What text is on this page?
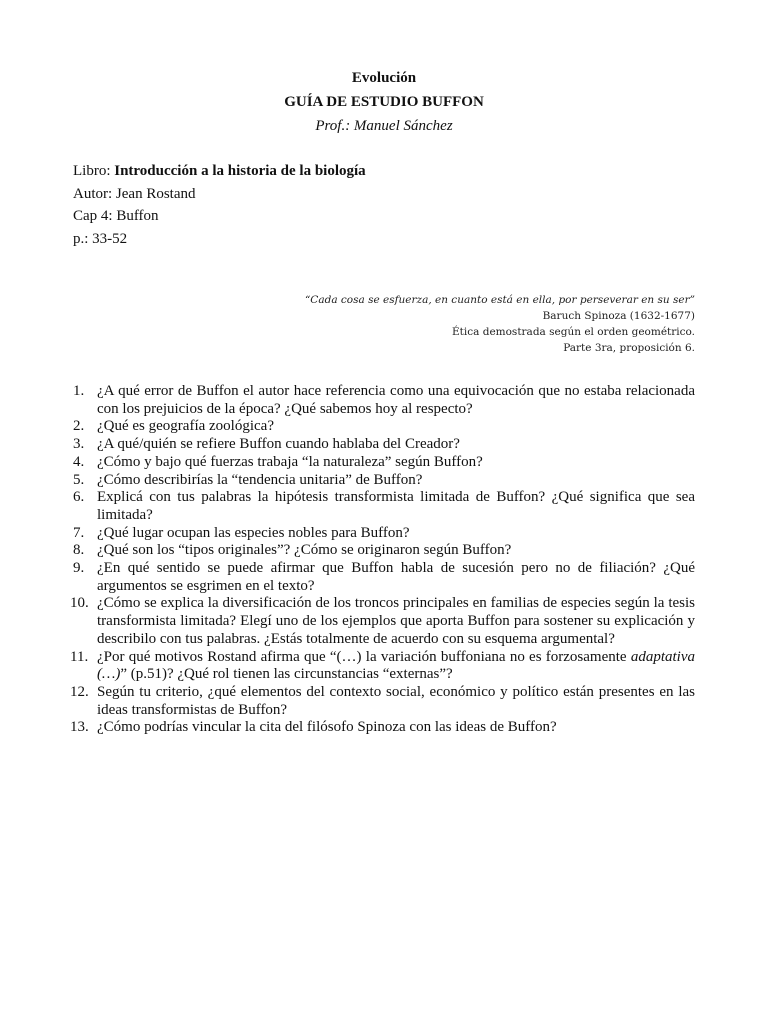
Evolución
GUÍA DE ESTUDIO BUFFON
Prof.: Manuel Sánchez
Libro: Introducción a la historia de la biología
Autor: Jean Rostand
Cap 4: Buffon
p.: 33-52
“Cada cosa se esfuerza, en cuanto está en ella, por perseverar en su ser”
Baruch Spinoza (1632-1677)
Ética demostrada según el orden geométrico.
Parte 3ra, proposición 6.
1. ¿A qué error de Buffon el autor hace referencia como una equivocación que no estaba relacionada con los prejuicios de la época? ¿Qué sabemos hoy al respecto?
2. ¿Qué es geografía zoológica?
3. ¿A qué/quién se refiere Buffon cuando hablaba del Creador?
4. ¿Cómo y bajo qué fuerzas trabaja “la naturaleza” según Buffon?
5. ¿Cómo describirías la “tendencia unitaria” de Buffon?
6. Explicá con tus palabras la hipótesis transformista limitada de Buffon? ¿Qué significa que sea limitada?
7. ¿Qué lugar ocupan las especies nobles para Buffon?
8. ¿Qué son los “tipos originales”? ¿Cómo se originaron según Buffon?
9. ¿En qué sentido se puede afirmar que Buffon habla de sucesión pero no de filiación? ¿Qué argumentos se esgrimen en el texto?
10. ¿Cómo se explica la diversificación de los troncos principales en familias de especies según la tesis transformista limitada? Elegí uno de los ejemplos que aporta Buffon para sostener su explicación y describilo con tus palabras. ¿Estás totalmente de acuerdo con su esquema argumental?
11. ¿Por qué motivos Rostand afirma que “(…) la variación buffoniana no es forzosamente adaptativa (…)” (p.51)? ¿Qué rol tienen las circunstancias “externas”?
12. Según tu criterio, ¿qué elementos del contexto social, económico y político están presentes en las ideas transformistas de Buffon?
13. ¿Cómo podrías vincular la cita del filósofo Spinoza con las ideas de Buffon?
